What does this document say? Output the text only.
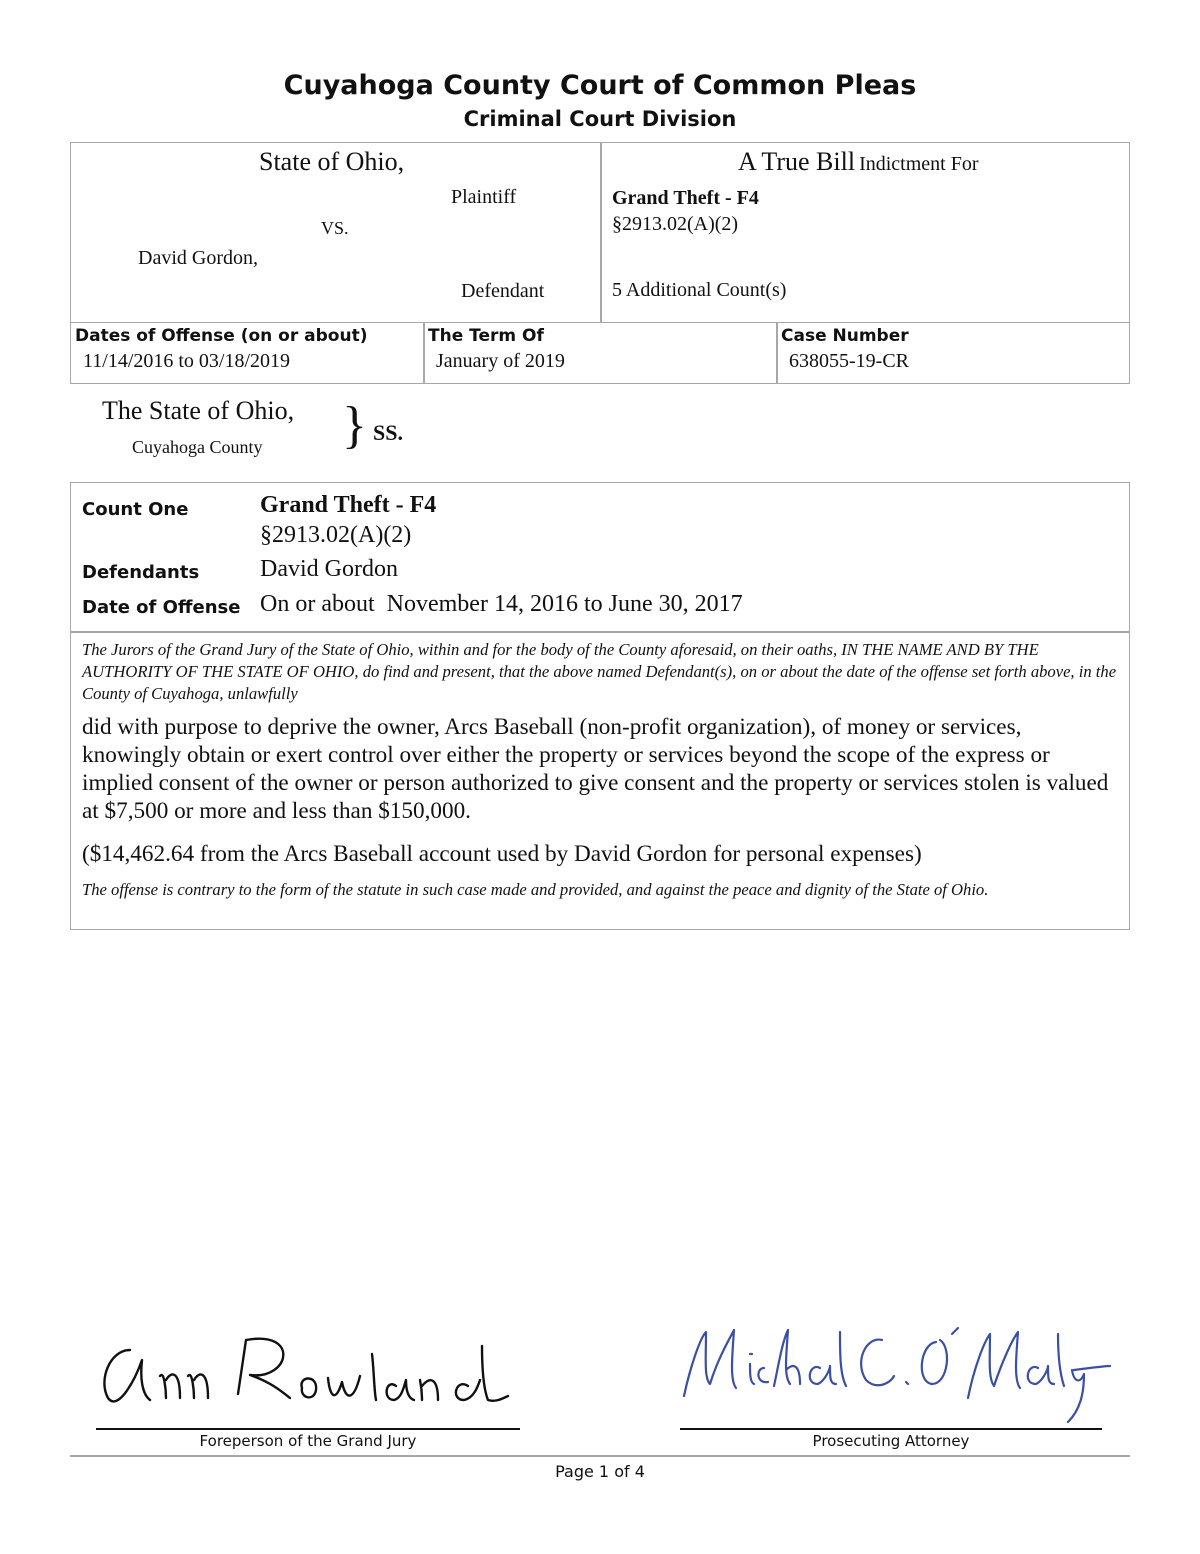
Cuyahoga County Court of Common Pleas
Criminal Court Division
State of Ohio,
Plaintiff
VS.
David Gordon,
Defendant
A True Bill Indictment For
Grand Theft - F4
§2913.02(A)(2)
5 Additional Count(s)
Dates of Offense (on or about)
11/14/2016 to 03/18/2019
The Term Of
January of 2019
Case Number
638055-19-CR
The State of Ohio,
Cuyahoga County } SS.
Count One	Grand Theft - F4
§2913.02(A)(2)
Defendants	David Gordon
Date of Offense On or about  November 14, 2016 to June 30, 2017
The Jurors of the Grand Jury of the State of Ohio, within and for the body of the County aforesaid, on their oaths, IN THE NAME AND BY THE AUTHORITY OF THE STATE OF OHIO, do find and present, that the above named Defendant(s), on or about the date of the offense set forth above, in the County of Cuyahoga, unlawfully
did with purpose to deprive the owner, Arcs Baseball (non-profit organization), of money or services, knowingly obtain or exert control over either the property or services beyond the scope of the express or implied consent of the owner or person authorized to give consent and the property or services stolen is valued at $7,500 or more and less than $150,000.
($14,462.64 from the Arcs Baseball account used by David Gordon for personal expenses)
The offense is contrary to the form of the statute in such case made and provided, and against the peace and dignity of the State of Ohio.
Foreperson of the Grand Jury	Prosecuting Attorney
Page 1 of 4
